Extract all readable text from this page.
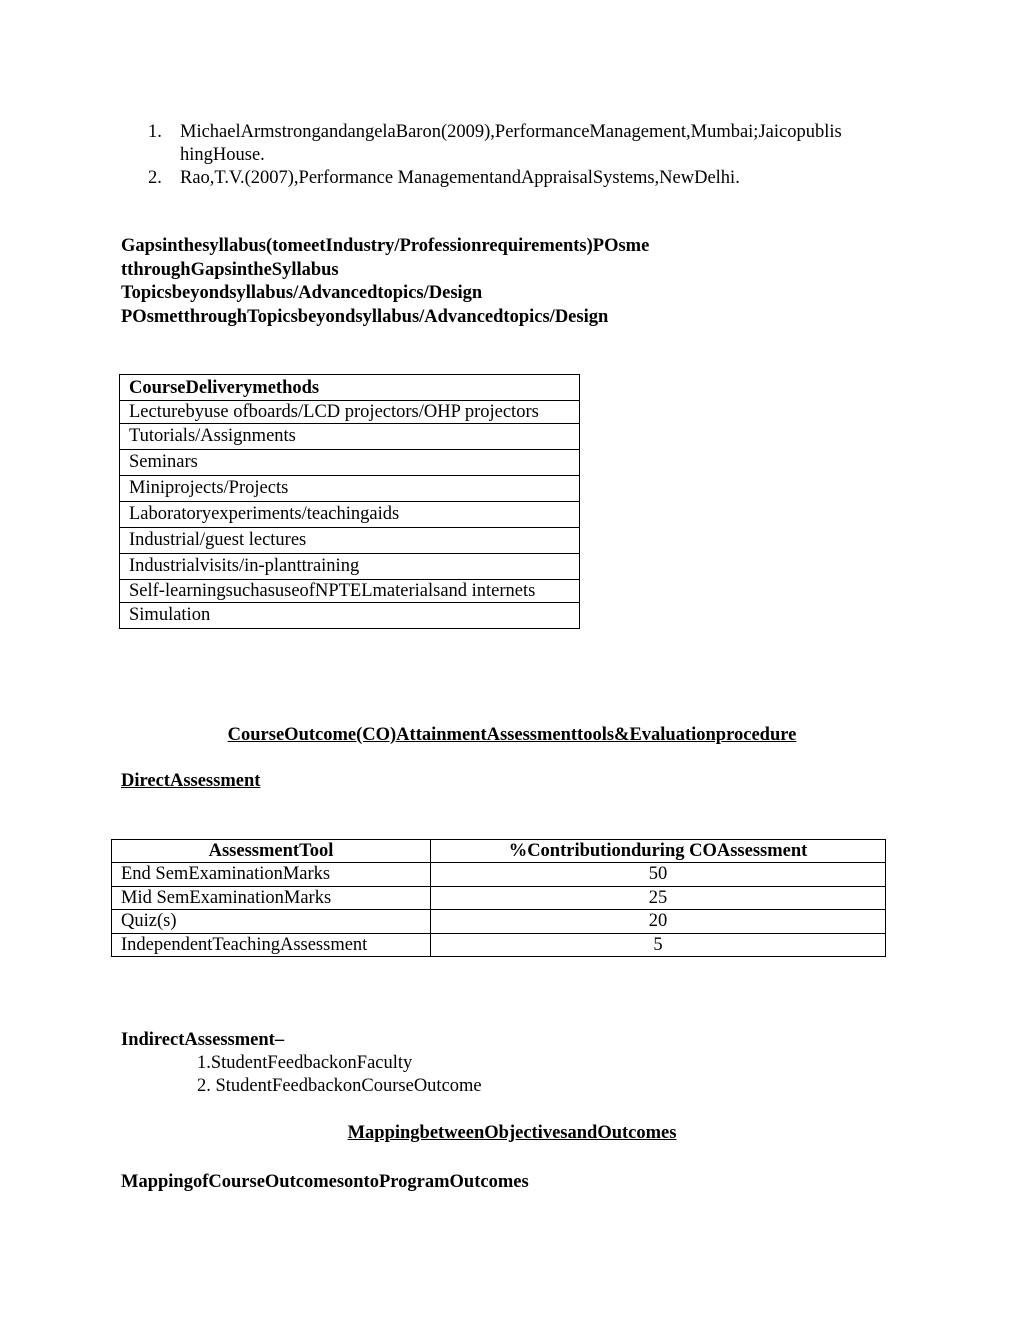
1. MichaelArmstrongandangelaBaron(2009),PerformanceManagement,Mumbai;Jaicopublis hingHouse.
2. Rao,T.V.(2007),Performance ManagementandAppraisalSystems,NewDelhi.
Gapsinthesyllabus(tomeetIndustry/Professionrequirements)POsme
tthroughGapsintheSyllabus
Topicsbeyondsyllabus/Advancedtopics/Design
POsmetthroughTopicsbeyondsyllabus/Advancedtopics/Design
CourseDeliverymethods
Lecturebyuse ofboards/LCD projectors/OHP projectors
Tutorials/Assignments
Seminars
Miniprojects/Projects
Laboratoryexperiments/teachingaids
Industrial/guest lectures
Industrialvisits/in-planttraining
Self-learningsuchasuseofNPTELmaterialsand internets
Simulation
CourseOutcome(CO)AttainmentAssessmenttools&Evaluationprocedure
DirectAssessment
AssessmentTool	%Contributionduring COAssessment
End SemExaminationMarks	50
Mid SemExaminationMarks	25
Quiz(s)	20
IndependentTeachingAssessment	5
IndirectAssessment–
1.StudentFeedbackonFaculty
2. StudentFeedbackonCourseOutcome
MappingbetweenObjectivesandOutcomes
MappingofCourseOutcomesontoProgramOutcomes
